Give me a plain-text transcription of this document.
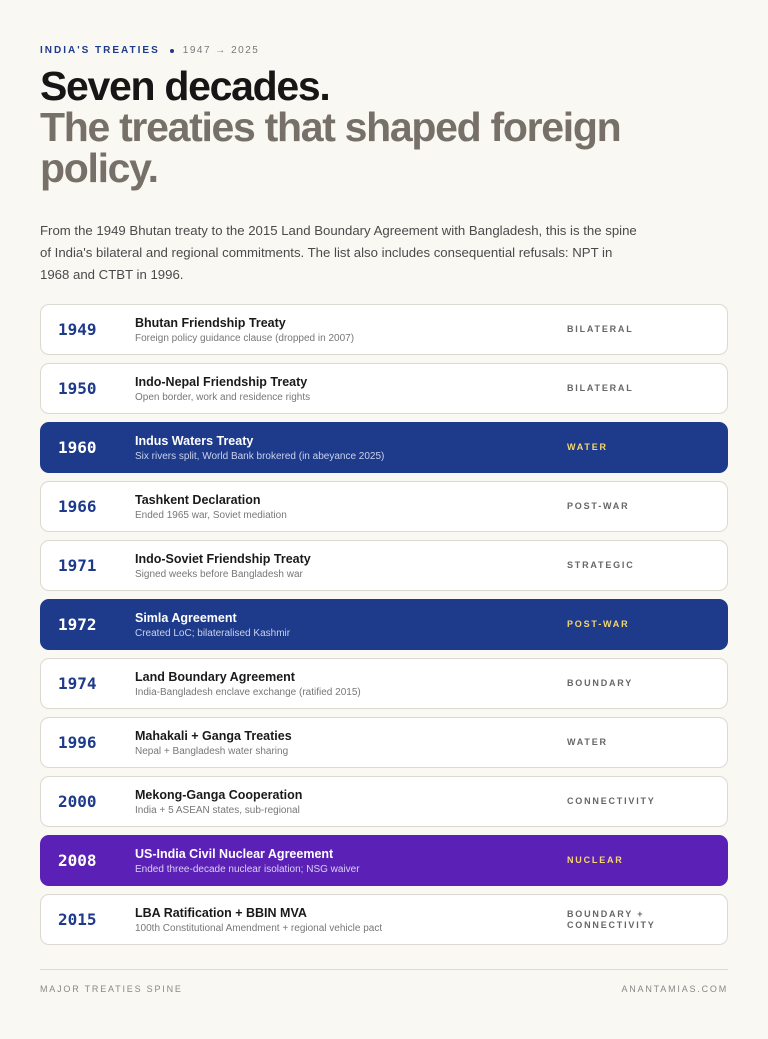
INDIA'S TREATIES 1947 → 2025
Seven decades.
The treaties that shaped foreign policy.

From the 1949 Bhutan treaty to the 2015 Land Boundary Agreement with Bangladesh, this is the spine of India's bilateral and regional commitments. The list also includes consequential refusals: NPT in 1968 and CTBT in 1996.

1949	Bhutan Friendship Treaty
Foreign policy guidance clause (dropped in 2007)
BILATERAL
1950	Indo-Nepal Friendship Treaty
Open border, work and residence rights
BILATERAL
1960	Indus Waters Treaty
Six rivers split, World Bank brokered (in abeyance 2025)
WATER
1966	Tashkent Declaration
Ended 1965 war, Soviet mediation
POST-WAR
1971	Indo-Soviet Friendship Treaty
Signed weeks before Bangladesh war
STRATEGIC
1972	Simla Agreement
Created LoC; bilateralised Kashmir
POST-WAR
1974	Land Boundary Agreement
India-Bangladesh enclave exchange (ratified 2015)
BOUNDARY
1996	Mahakali + Ganga Treaties
Nepal + Bangladesh water sharing
WATER
2000	Mekong-Ganga Cooperation
India + 5 ASEAN states, sub-regional
CONNECTIVITY
2008	US-India Civil Nuclear Agreement
Ended three-decade nuclear isolation; NSG waiver
NUCLEAR
2015	LBA Ratification + BBIN MVA
100th Constitutional Amendment + regional vehicle pact
BOUNDARY + CONNECTIVITY
MAJOR TREATIES SPINE	ANANTAMIAS.COM
